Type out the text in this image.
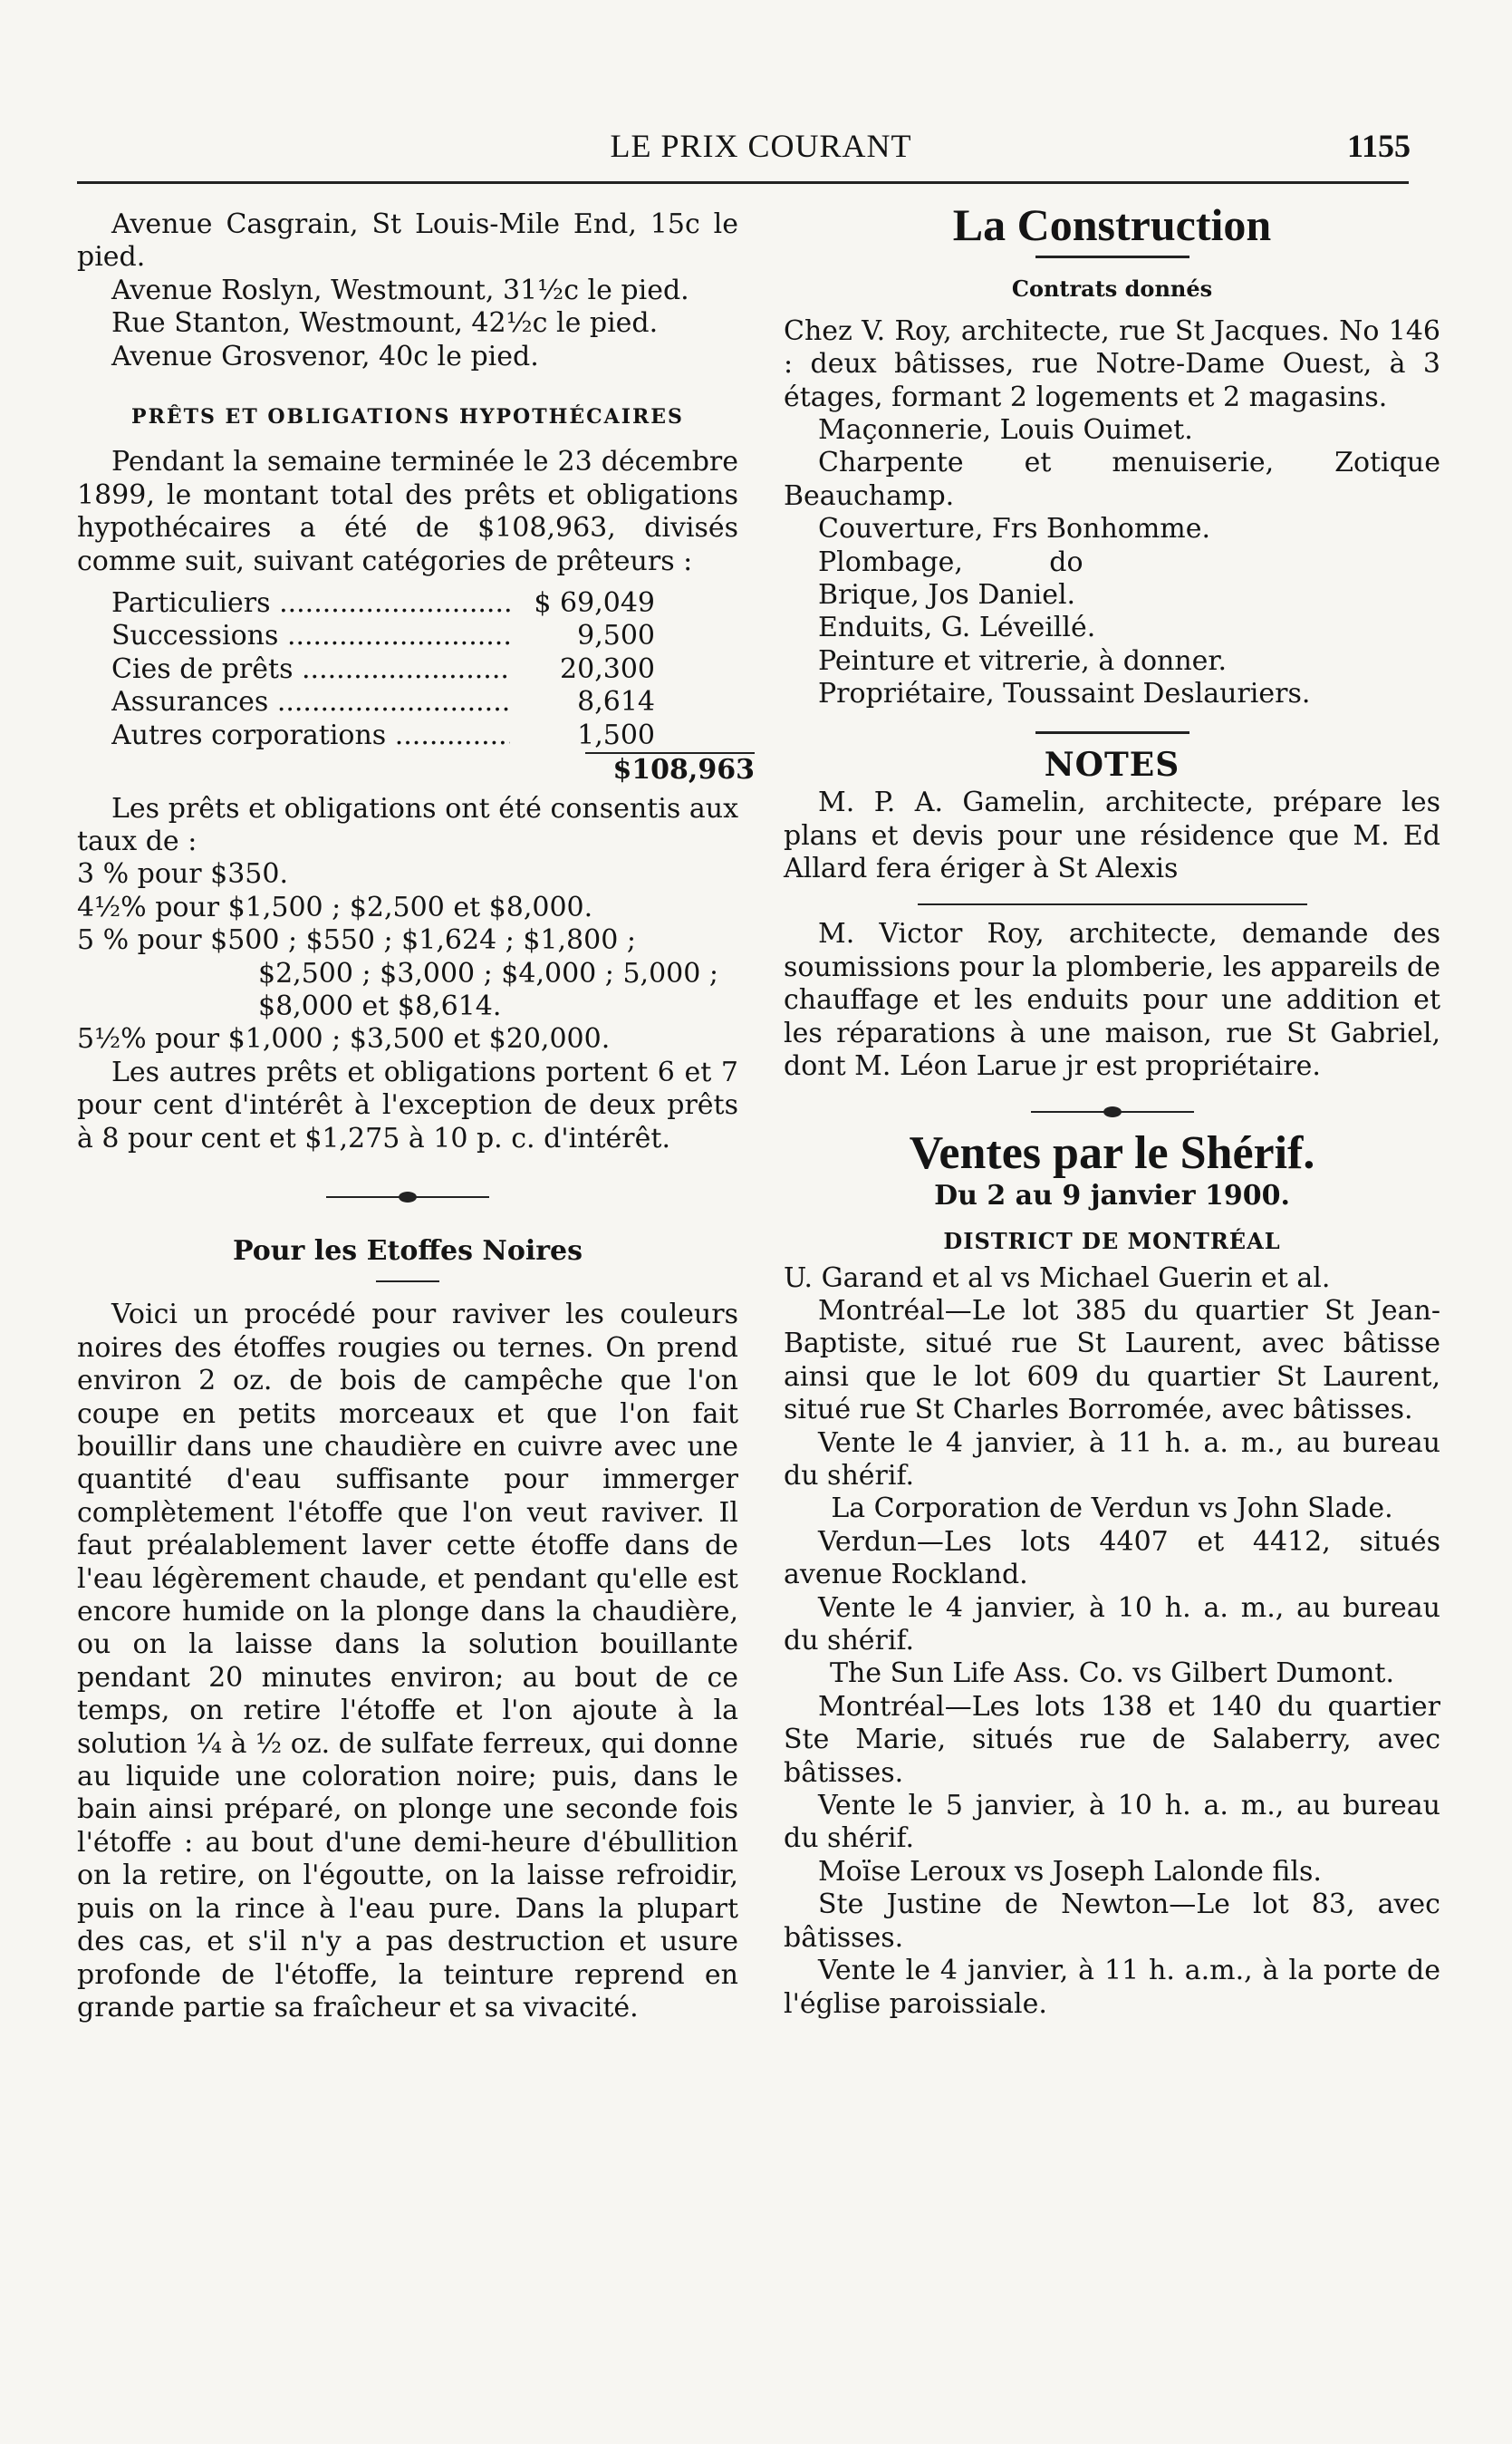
LE PRIX COURANT	1155

Avenue Casgrain, St Louis-Mile End, 15c le pied.

Avenue Roslyn, Westmount, 31½c le pied.

Rue Stanton, Westmount, 42½c le pied.

Avenue Grosvenor, 40c le pied.

PRÊTS ET OBLIGATIONS HYPOTHÉCAIRES

Pendant la semaine terminée le 23 décembre 1899, le montant total des prêts et obligations hypothécaires a été de $108,963, divisés comme suit, suivant catégories de prêteurs :

Particuliers .....	$ 69,049
Successions .....	9,500
Cies de prêts .....	20,300
Assurances .....	8,614
Autres corporations .....	1,500
$108,963

Les prêts et obligations ont été consentis aux taux de :

3 % pour $350.

4½% pour $1,500 ; $2,500 et $8,000.

5 % pour $500 ; $550 ; $1,624 ; $1,800 ;

$2,500 ; $3,000 ; $4,000 ; 5,000 ;

$8,000 et $8,614.

5½% pour $1,000 ; $3,500 et $20,000.

Les autres prêts et obligations portent 6 et 7 pour cent d'intérêt à l'exception de deux prêts à 8 pour cent et $1,275 à 10 p. c. d'intérêt.

Pour les Etoffes Noires

Voici un procédé pour raviver les couleurs noires des étoffes rougies ou ternes. On prend environ 2 oz. de bois de campêche que l'on coupe en petits morceaux et que l'on fait bouillir dans une chaudière en cuivre avec une quantité d'eau suffisante pour immerger complètement l'étoffe que l'on veut raviver. Il faut préalablement laver cette étoffe dans de l'eau légèrement chaude, et pendant qu'elle est encore humide on la plonge dans la chaudière, ou on la laisse dans la solution bouillante pendant 20 minutes environ; au bout de ce temps, on retire l'étoffe et l'on ajoute à la solution ¼ à ½ oz. de sulfate ferreux, qui donne au liquide une coloration noire; puis, dans le bain ainsi préparé, on plonge une seconde fois l'étoffe : au bout d'une demi-heure d'ébullition on la retire, on l'égoutte, on la laisse refroidir, puis on la rince à l'eau pure. Dans la plupart des cas, et s'il n'y a pas destruction et usure profonde de l'étoffe, la teinture reprend en grande partie sa fraîcheur et sa vivacité.

La Construction
Contrats donnés

Chez V. Roy, architecte, rue St Jacques. No 146 : deux bâtisses, rue Notre-Dame Ouest, à 3 étages, formant 2 logements et 2 magasins.

Maçonnerie, Louis Ouimet.

Charpente et menuiserie, Zotique Beauchamp.

Couverture, Frs Bonhomme.

Plombage,          do

Brique, Jos Daniel.

Enduits, G. Léveillé.

Peinture et vitrerie, à donner.

Propriétaire, Toussaint Deslauriers.

NOTES

M. P. A. Gamelin, architecte, prépare les plans et devis pour une résidence que M. Ed Allard fera ériger à St Alexis

M. Victor Roy, architecte, demande des soumissions pour la plomberie, les appareils de chauffage et les enduits pour une addition et les réparations à une maison, rue St Gabriel, dont M. Léon Larue jr est propriétaire.

Ventes par le Shérif.
Du 2 au 9 janvier 1900.
DISTRICT DE MONTRÉAL

U. Garand et al vs Michael Guerin et al.

Montréal—Le lot 385 du quartier St Jean-Baptiste, situé rue St Laurent, avec bâtisse ainsi que le lot 609 du quartier St Laurent, situé rue St Charles Borromée, avec bâtisses.

Vente le 4 janvier, à 11 h. a. m., au bureau du shérif.

La Corporation de Verdun vs John Slade.

Verdun—Les lots 4407 et 4412, situés avenue Rockland.

Vente le 4 janvier, à 10 h. a. m., au bureau du shérif.

The Sun Life Ass. Co. vs Gilbert Dumont.

Montréal—Les lots 138 et 140 du quartier Ste Marie, situés rue de Salaberry, avec bâtisses.

Vente le 5 janvier, à 10 h. a. m., au bureau du shérif.

Moïse Leroux vs Joseph Lalonde fils.

Ste Justine de Newton—Le lot 83, avec bâtisses.

Vente le 4 janvier, à 11 h. a.m., à la porte de l'église paroissiale.
